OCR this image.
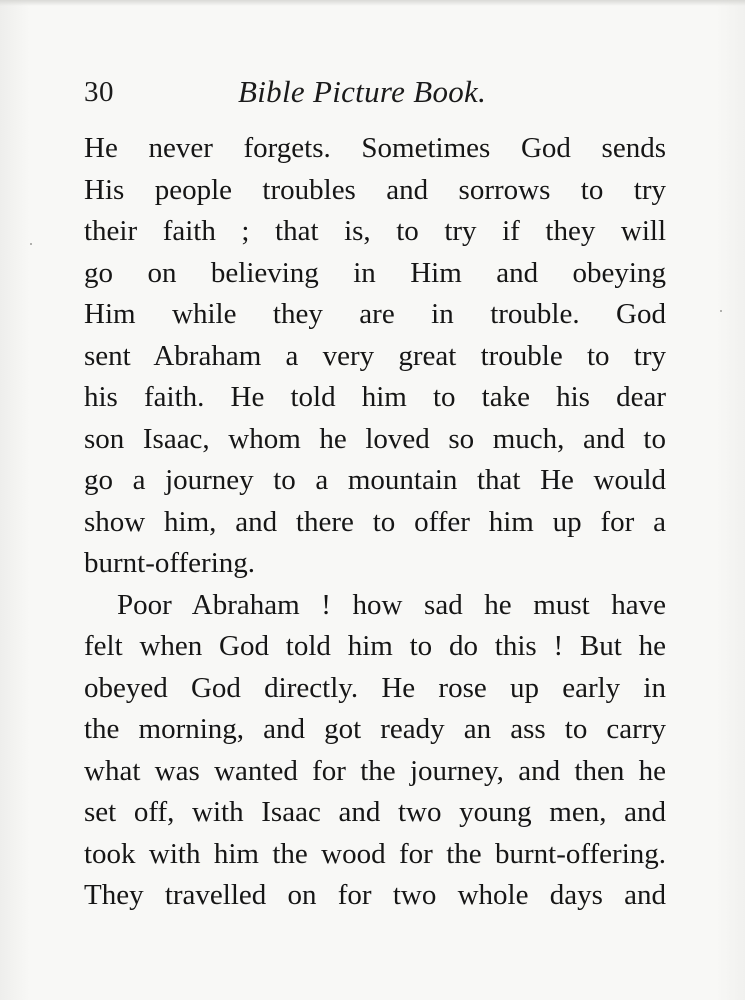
30	Bible Picture Book.
He never forgets. Sometimes God sends
His people troubles and sorrows to try
their faith ; that is, to try if they will
go on believing in Him and obeying
Him while they are in trouble. God
sent Abraham a very great trouble to try
his faith. He told him to take his dear
son Isaac, whom he loved so much, and to
go a journey to a mountain that He would
show him, and there to offer him up for a
burnt-offering.
Poor Abraham ! how sad he must have
felt when God told him to do this ! But he
obeyed God directly. He rose up early in
the morning, and got ready an ass to carry
what was wanted for the journey, and then he
set off, with Isaac and two young men, and
took with him the wood for the burnt-offering.
They travelled on for two whole days and
